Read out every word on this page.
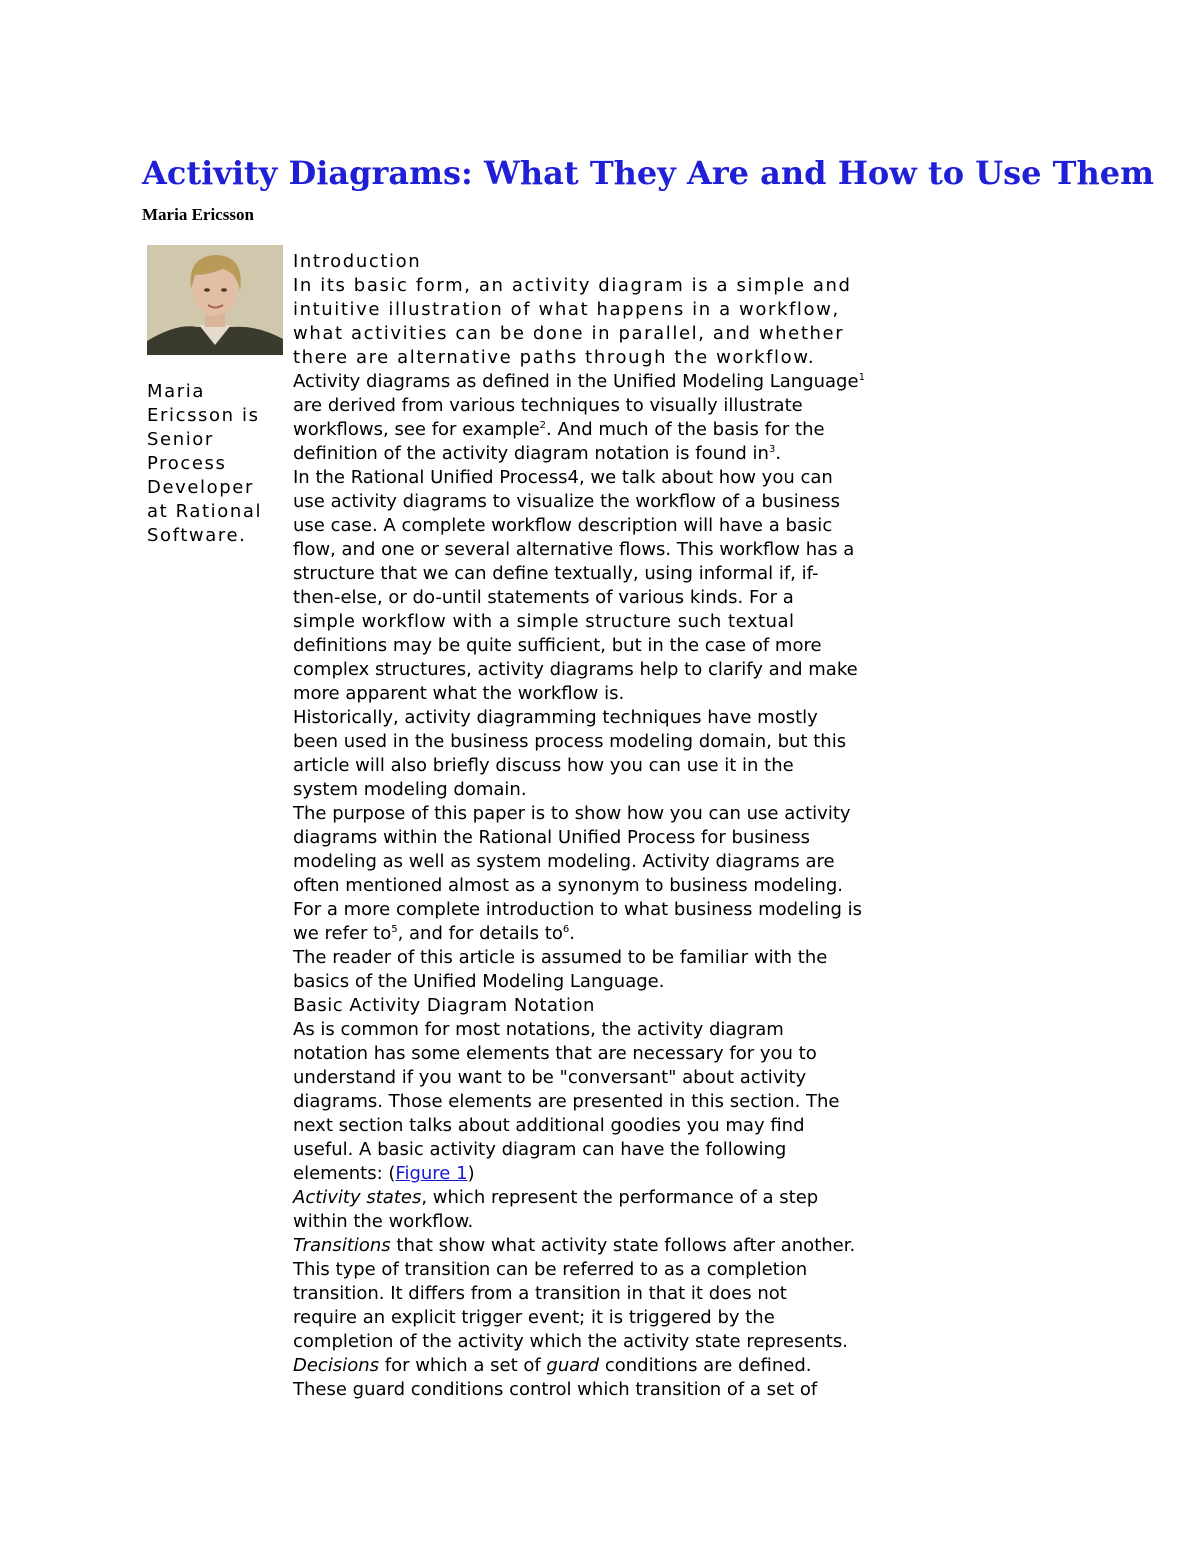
Activity Diagrams: What They Are and How to Use Them
Maria Ericsson
Maria
Ericsson is
Senior
Process
Developer
at Rational
Software.
Introduction
In its basic form, an activity diagram is a simple and
intuitive illustration of what happens in a workflow,
what activities can be done in parallel, and whether
there are alternative paths through the workflow.
Activity diagrams as defined in the Unified Modeling Language$^1$
are derived from various techniques to visually illustrate
workflows, see for example$^2$. And much of the basis for the
definition of the activity diagram notation is found $in^3$.
In the Rational Unified Process4, we talk about how you can
use activity diagrams to visualize the workflow of a business
use case. A complete workflow description will have a basic
flow, and one or several alternative flows. This workflow has a
structure that we can define textually, using informal if, if-
then-else, or do-until statements of various kinds. For a
simple workflow with a simple structure such textual
definitions may be quite sufficient, but in the case of more
complex structures, activity diagrams help to clarify and make
more apparent what the workflow is.
Historically, activity diagramming techniques have mostly
been used in the business process modeling domain, but this
article will also briefly discuss how you can use it in the
system modeling domain.
The purpose of this paper is to show how you can use activity
diagrams within the Rational Unified Process for business
modeling as well as system modeling. Activity diagrams are
often mentioned almost as a synonym to business modeling.
For a more complete introduction to what business modeling is
we refer $to^5$, and for details $to^6$.
The reader of this article is assumed to be familiar with the
basics of the Unified Modeling Language.
Basic Activity Diagram Notation
As is common for most notations, the activity diagram
notation has some elements that are necessary for you to
understand if you want to be "conversant" about activity
diagrams. Those elements are presented in this section. The
next section talks about additional goodies you may find
useful. A basic activity diagram can have the following
elements: (Figure 1)
Activity states, which represent the performance of a step
within the workflow.
Transitions that show what activity state follows after another.
This type of transition can be referred to as a completion
transition. It differs from a transition in that it does not
require an explicit trigger event; it is triggered by the
completion of the activity which the activity state represents.
Decisions for which a set of guard conditions are defined.
These guard conditions control which transition of a set of
